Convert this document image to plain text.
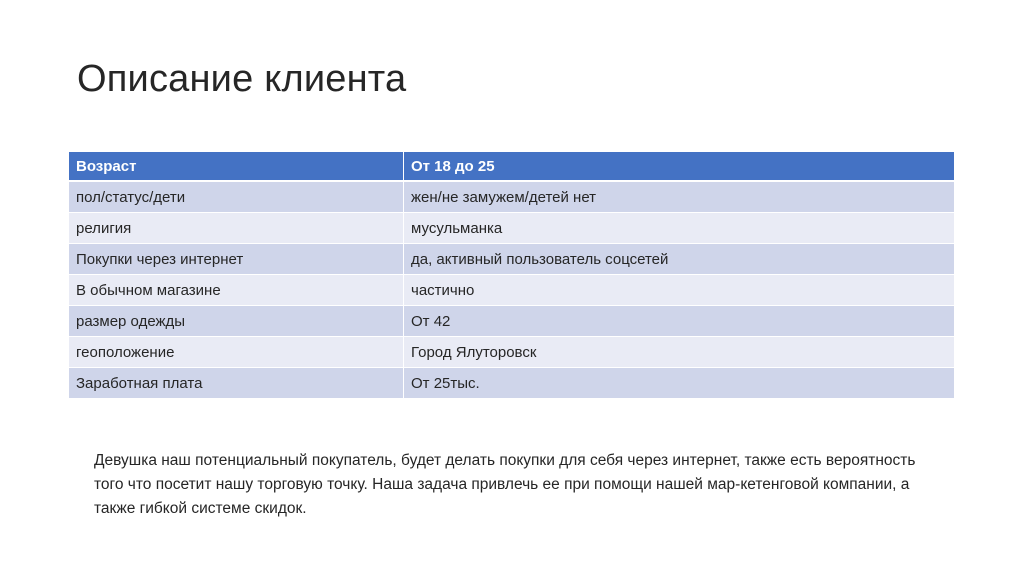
Описание клиента
Возраст	От 18 до 25
пол/статус/дети	жен/не замужем/детей нет
религия	мусульманка
Покупки через интернет	да, активный пользователь соцсетей
В обычном магазине	частично
размер одежды	От 42
геоположение	Город Ялуторовск
Заработная плата	От 25тыс.

Девушка наш потенциальный покупатель, будет делать покупки для себя через интернет, также есть вероятность того что посетит нашу торговую точку. Наша задача привлечь ее при помощи нашей мар-кетенговой компании, а также гибкой системе скидок.
